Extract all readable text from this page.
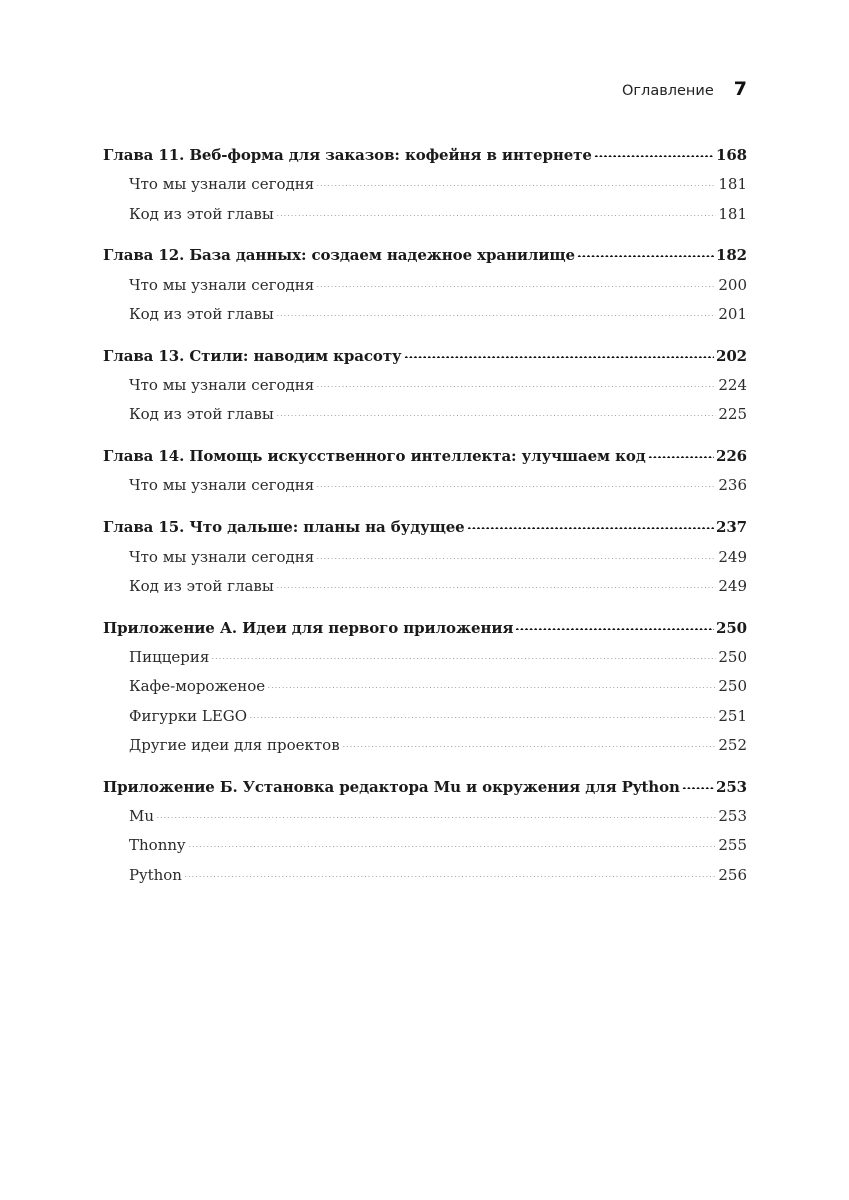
Оглавление 7
Глава 11. Веб-форма для заказов: кофейня в интернете	168
Что мы узнали сегодня	181
Код из этой главы	181
Глава 12. База данных: создаем надежное хранилище	182
Что мы узнали сегодня	200
Код из этой главы	201
Глава 13. Стили: наводим красоту	202
Что мы узнали сегодня	224
Код из этой главы	225
Глава 14. Помощь искусственного интеллекта: улучшаем код	226
Что мы узнали сегодня	236
Глава 15. Что дальше: планы на будущее	237
Что мы узнали сегодня	249
Код из этой главы	249
Приложение А. Идеи для первого приложения	250
Пиццерия	250
Кафе-мороженое	250
Фигурки LEGO	251
Другие идеи для проектов	252
Приложение Б. Установка редактора Mu и окружения для Python 253
Mu	253
Thonny	255
Python	256
